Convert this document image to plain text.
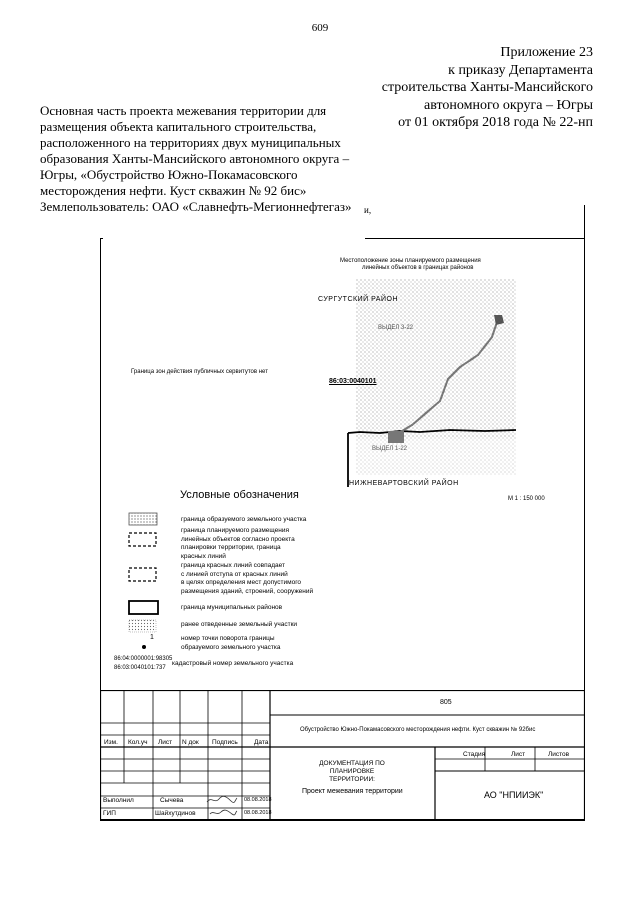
609
Приложение 23
к приказу Департамента
строительства Ханты-Мансийского
автономного округа – Югры
от 01 октября 2018 года № 22-нп
Основная часть проекта межевания территории для
размещения объекта капитального строительства,
расположенного на территориях двух муниципальных
образования Ханты-Мансийского автономного округа –
Югры, «Обустройство Южно-Покамасовского
месторождения нефти. Куст скважин № 92 бис»
Землепользователь: ОАО «Славнефть-Мегионнефтегаз» и,
Местоположение зоны планируемого размещения
линейных объектов в границах районов
СУРГУТСКИЙ РАЙОН
ВЫДЕЛ 3-22
Граница зон действия публичных сервитутов нет
86:03:0040101
ВЫДЕЛ 1-22
НИЖНЕВАРТОВСКИЙ РАЙОН
М 1 : 150 000
Условные обозначения
1
граница образуемого земельного участка
граница планируемого размещения
линейных объектов согласно проекта
планировки территории, граница
красных линий
граница красных линий совпадает
с линией отступа от красных линий
в целях определения мест допустимого
размещения зданий, строений, сооружений
граница муниципальных районов
ранее отведенные земельный участки
номер точки поворота границы
образуемого земельного участка
86:04:0000001:98305
86:03:0040101:737
кадастровый номер земельного участка
805
Обустройство Южно-Покамасовского месторождения нефти. Куст скважин № 92бис
Изм. Кол.уч Лист N док Подпись	Дата
ДОКУМЕНТАЦИЯ ПО
ПЛАНИРОВКЕ ТЕРРИТОРИИ:
Проект межевания территории
Стадия	Лист	Листов
АО "НПИИЭК"
Выполнил	Сычева	08.08.2018
ГИП	Шайхутдинов	08.08.2018
